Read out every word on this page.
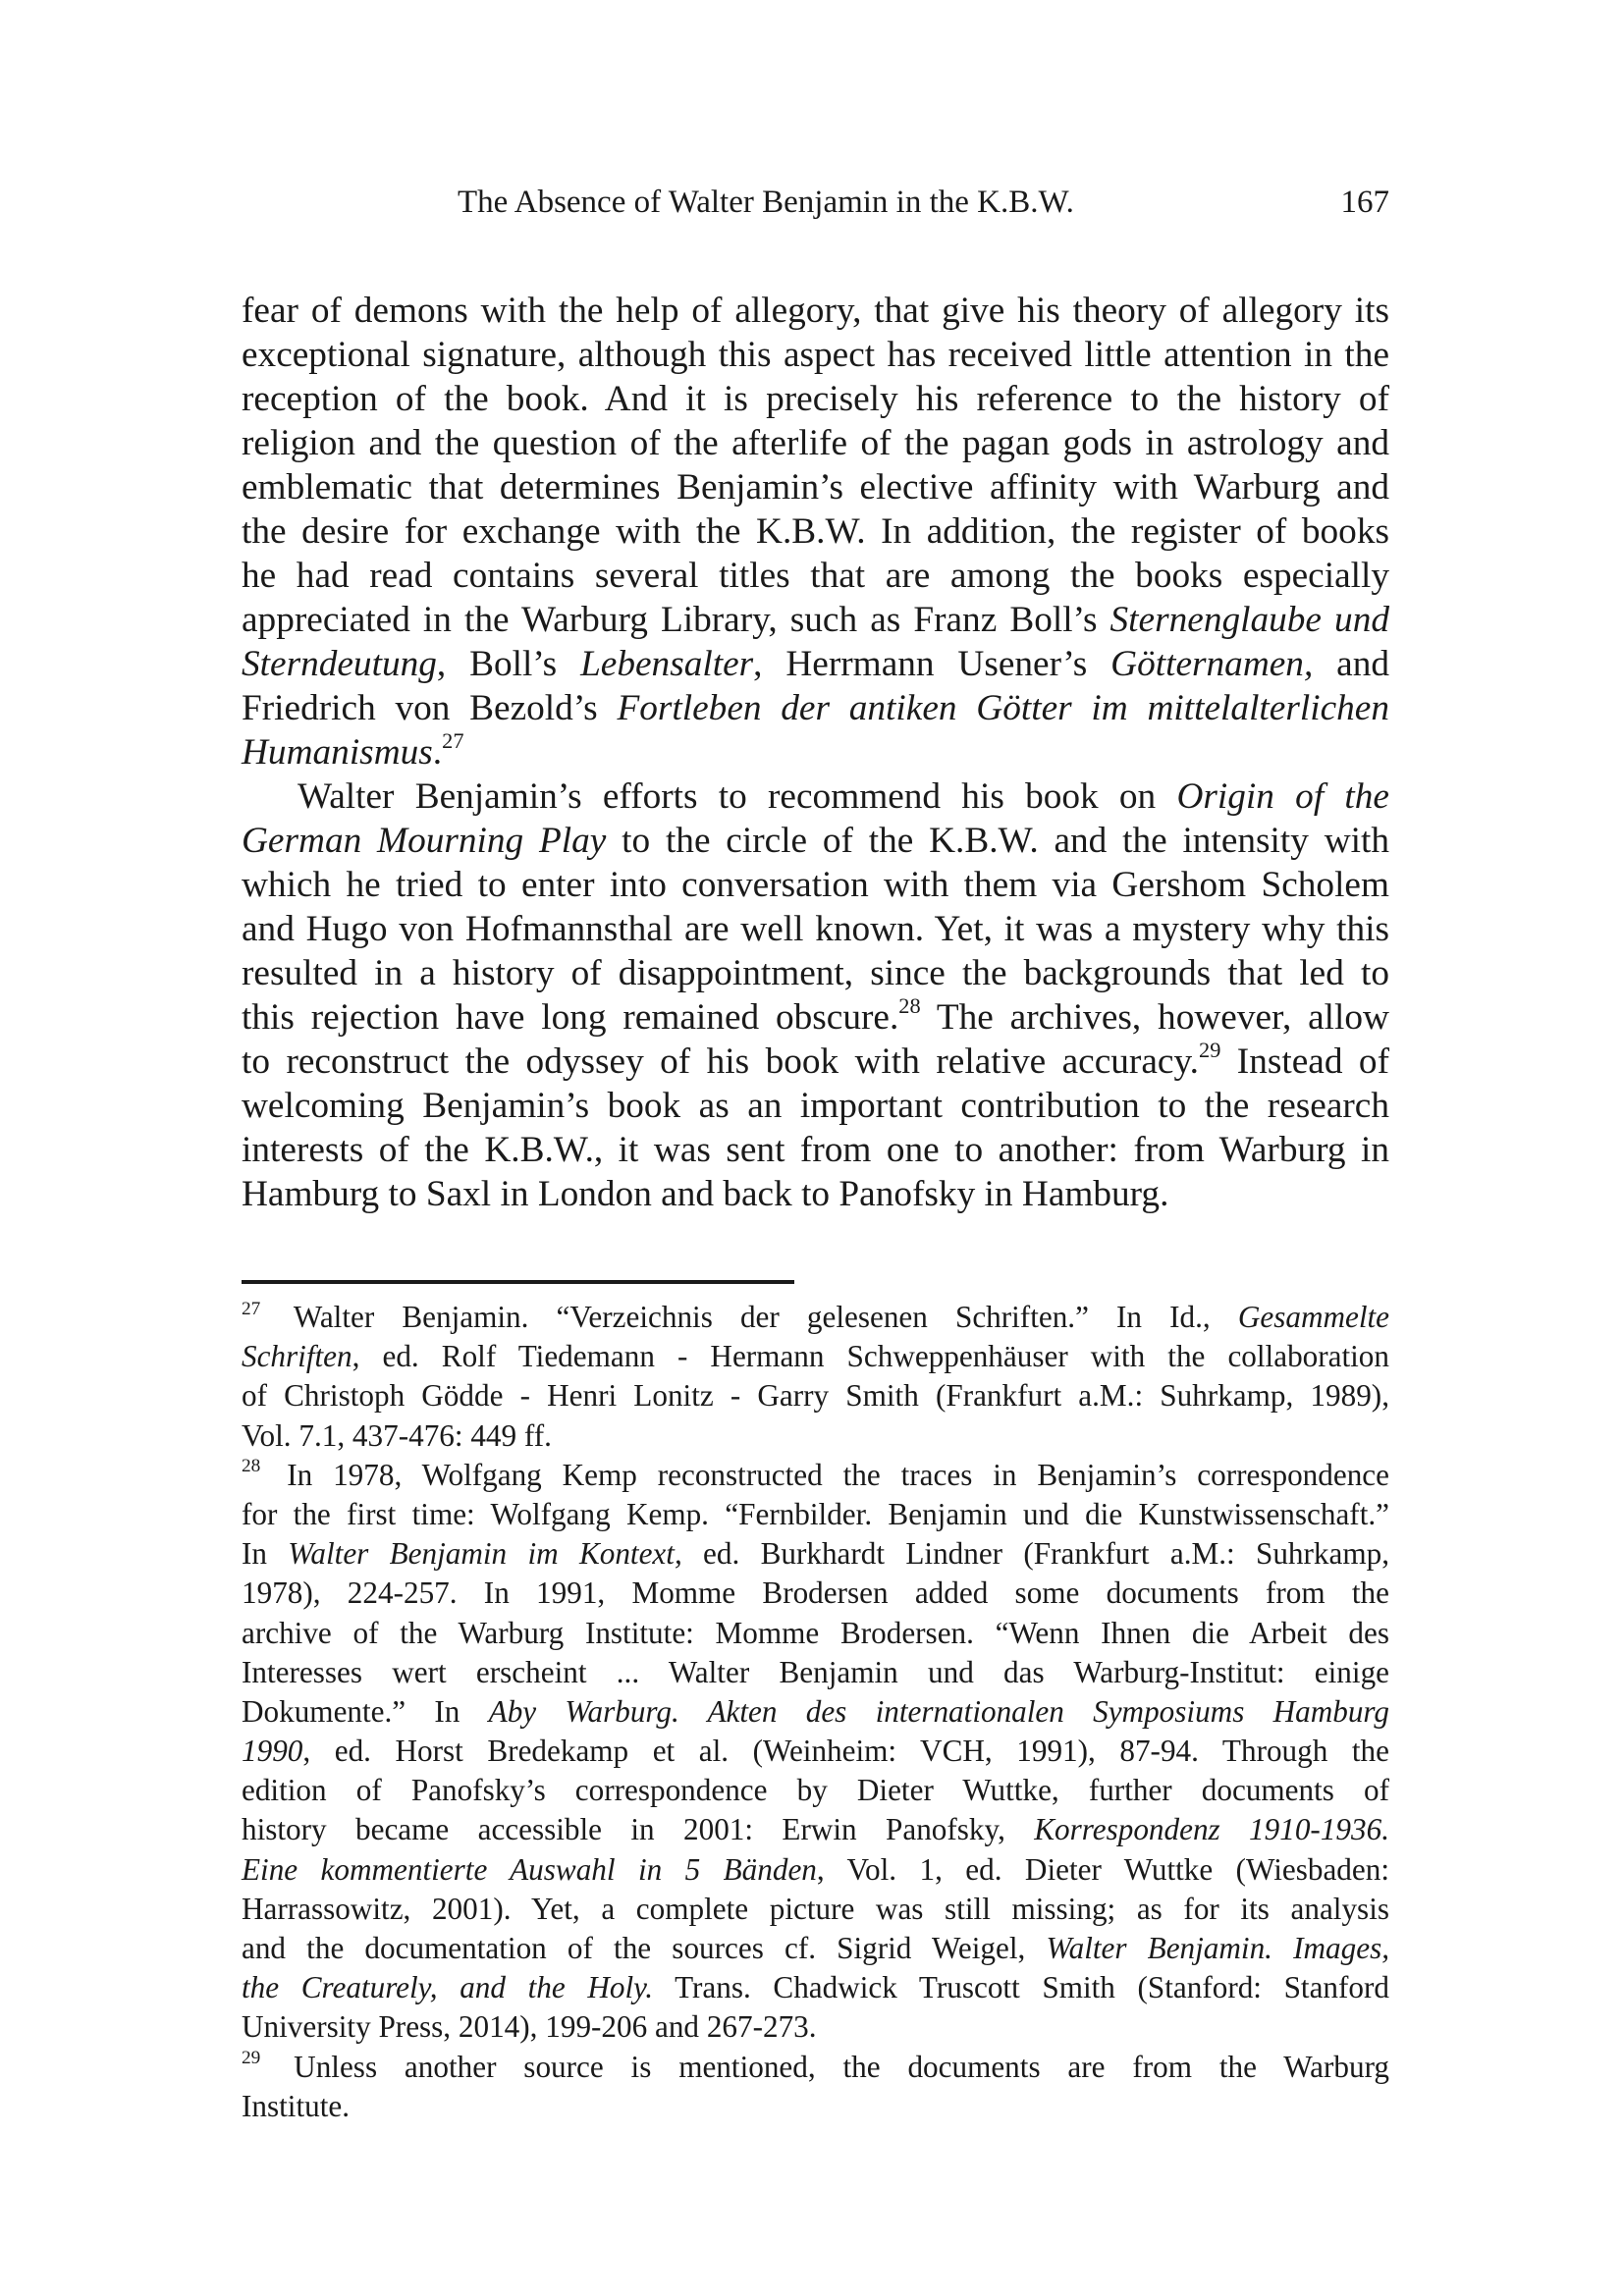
The Absence of Walter Benjamin in the K.B.W.	167
fear of demons with the help of allegory, that give his theory of allegory its
exceptional signature, although this aspect has received little attention in the
reception of the book. And it is precisely his reference to the history of
religion and the question of the afterlife of the pagan gods in astrology and
emblematic that determines Benjamin’s elective affinity with Warburg and
the desire for exchange with the K.B.W. In addition, the register of books
he had read contains several titles that are among the books especially
appreciated in the Warburg Library, such as Franz Boll’s Sternenglaube und
Sterndeutung, Boll’s Lebensalter, Herrmann Usener’s Götternamen, and
Friedrich von Bezold’s Fortleben der antiken Götter im mittelalterlichen
Humanismus.$^{27}$
Walter Benjamin’s efforts to recommend his book on Origin of the
German Mourning Play to the circle of the K.B.W. and the intensity with
which he tried to enter into conversation with them via Gershom Scholem
and Hugo von Hofmannsthal are well known. Yet, it was a mystery why this
resulted in a history of disappointment, since the backgrounds that led to
this rejection have long remained obscure.$^{28}$ The archives, however, allow
to reconstruct the odyssey of his book with relative accuracy.$^{29}$ Instead of
welcoming Benjamin’s book as an important contribution to the research
interests of the K.B.W., it was sent from one to another: from Warburg in
Hamburg to Saxl in London and back to Panofsky in Hamburg.
$^{27}$ Walter Benjamin. “Verzeichnis der gelesenen Schriften.” In Id., Gesammelte
Schriften, ed. Rolf Tiedemann - Hermann Schweppenhäuser with the collaboration
of Christoph Gödde - Henri Lonitz - Garry Smith (Frankfurt a.M.: Suhrkamp, 1989),
Vol. 7.1, 437-476: 449 ff.
$^{28}$ In 1978, Wolfgang Kemp reconstructed the traces in Benjamin’s correspondence
for the first time: Wolfgang Kemp. “Fernbilder. Benjamin und die Kunstwissenschaft.”
In Walter Benjamin im Kontext, ed. Burkhardt Lindner (Frankfurt a.M.: Suhrkamp,
1978), 224-257. In 1991, Momme Brodersen added some documents from the
archive of the Warburg Institute: Momme Brodersen. “Wenn Ihnen die Arbeit des
Interesses wert erscheint ... Walter Benjamin und das Warburg-Institut: einige
Dokumente.” In Aby Warburg. Akten des internationalen Symposiums Hamburg
1990, ed. Horst Bredekamp et al. (Weinheim: VCH, 1991), 87-94. Through the
edition of Panofsky’s correspondence by Dieter Wuttke, further documents of
history became accessible in 2001: Erwin Panofsky, Korrespondenz 1910-1936.
Eine kommentierte Auswahl in 5 Bänden, Vol. 1, ed. Dieter Wuttke (Wiesbaden:
Harrassowitz, 2001). Yet, a complete picture was still missing; as for its analysis
and the documentation of the sources cf. Sigrid Weigel, Walter Benjamin. Images,
the Creaturely, and the Holy. Trans. Chadwick Truscott Smith (Stanford: Stanford
University Press, 2014), 199-206 and 267-273.
$^{29}$ Unless another source is mentioned, the documents are from the Warburg
Institute.
